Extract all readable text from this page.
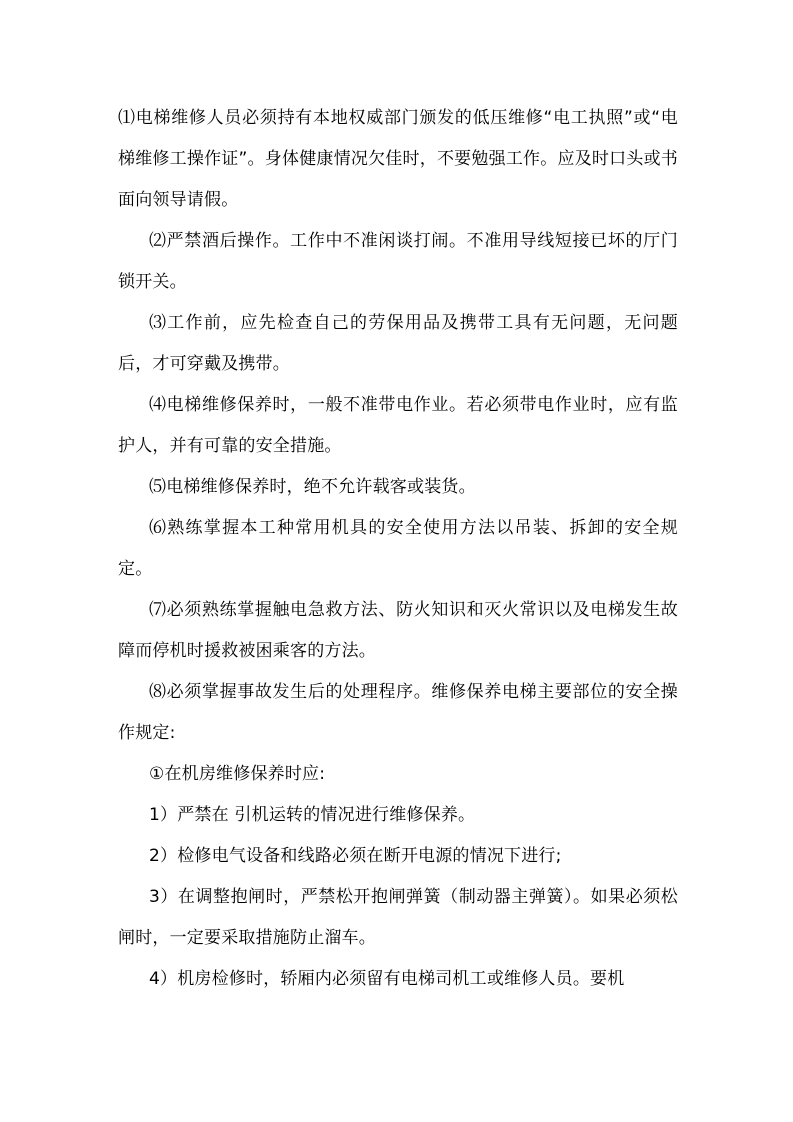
⑴电梯维修人员必须持有本地权威部门颁发的低压维修“电工执照”或“电梯维修工操作证”。身体健康情况欠佳时，不要勉强工作。应及时口头或书面向领导请假。

⑵严禁酒后操作。工作中不准闲谈打闹。不准用导线短接已坏的厅门锁开关。

⑶工作前，应先检查自己的劳保用品及携带工具有无问题，无问题后，才可穿戴及携带。

⑷电梯维修保养时，一般不准带电作业。若必须带电作业时，应有监护人，并有可靠的安全措施。

⑸电梯维修保养时，绝不允许载客或装货。

⑹熟练掌握本工种常用机具的安全使用方法以吊装、拆卸的安全规定。

⑺必须熟练掌握触电急救方法、防火知识和灭火常识以及电梯发生故障而停机时援救被困乘客的方法。

⑻必须掌握事故发生后的处理程序。维修保养电梯主要部位的安全操作规定:

①在机房维修保养时应:

1）严禁在 引机运转的情况进行维修保养。

2）检修电气设备和线路必须在断开电源的情况下进行;

3）在调整抱闸时，严禁松开抱闸弹簧（制动器主弹簧）。如果必须松闸时，一定要采取措施防止溜车。

4）机房检修时，轿厢内必须留有电梯司机工或维修人员。要机
